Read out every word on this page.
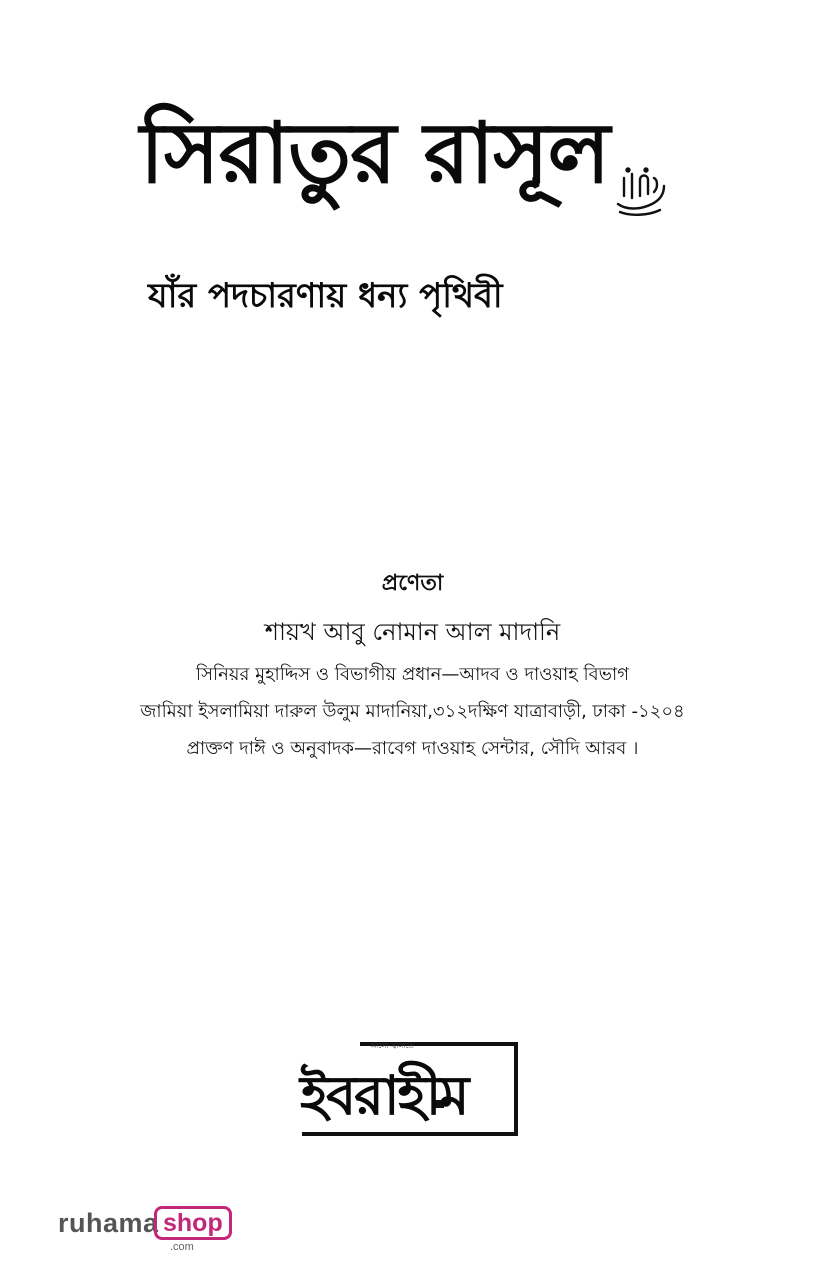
সিরাতুর রাসূল
যাঁর পদচারণায় ধন্য পৃথিবী
প্রণেতা
শায়খ আবু নোমান আল মাদানি
সিনিয়র মুহাদ্দিস ও বিভাগীয় প্রধান—আদব ও দাওয়াহ বিভাগ
জামিয়া ইসলামিয়া দারুল উলুম মাদানিয়া,৩১২দক্ষিণ যাত্রাবাড়ী, ঢাকা -১২০৪
প্রাক্তণ দাঈ ও অনুবাদক—রাবেগ দাওয়াহ সেন্টার, সৌদি আরব ।
আলো জ্বালাতে
ইবরাহীম
ruhama shop
.com
